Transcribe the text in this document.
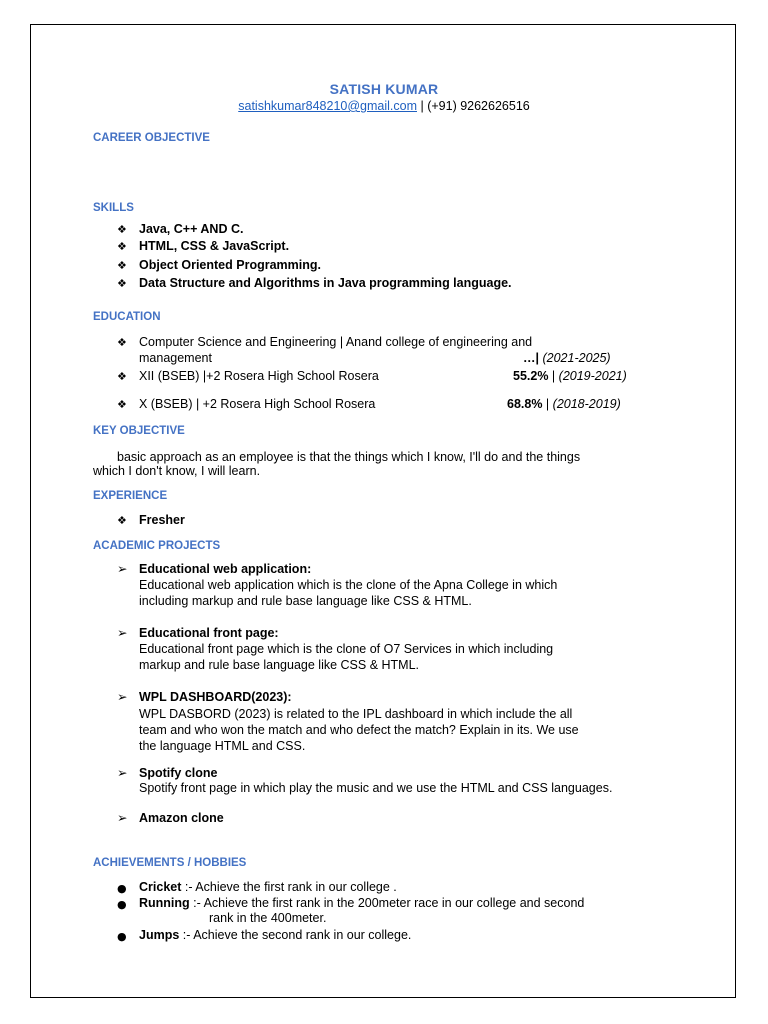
SATISH KUMAR
satishkumar848210@gmail.com | (+91) 9262626516
CAREER OBJECTIVE
SKILLS
❖ Java, C++ AND C.
❖ HTML, CSS & JavaScript.
❖ Object Oriented Programming.
❖ Data Structure and Algorithms in Java programming language.
EDUCATION
❖ Computer Science and Engineering | Anand college of engineering and
management	…| (2021-2025)
❖ XII (BSEB) |+2 Rosera High School Rosera	55.2% | (2019-2021)
❖ X (BSEB) | +2 Rosera High School Rosera	68.8% | (2018-2019)
KEY OBJECTIVE
basic approach as an employee is that the things which I know, I'll do and the things
which I don't know, I will learn.
EXPERIENCE
❖ Fresher
ACADEMIC PROJECTS
➢ Educational web application:
Educational web application which is the clone of the Apna College in which
including markup and rule base language like CSS & HTML.
➢ Educational front page:
Educational front page which is the clone of O7 Services in which including
markup and rule base language like CSS & HTML.
➢ WPL DASHBOARD(2023):
WPL DASBORD (2023) is related to the IPL dashboard in which include the all
team and who won the match and who defect the match? Explain in its. We use
the language HTML and CSS.
➢ Spotify clone
Spotify front page in which play the music and we use the HTML and CSS languages.
➢ Amazon clone
ACHIEVEMENTS / HOBBIES
● Cricket :- Achieve the first rank in our college .
● Running :- Achieve the first rank in the 200meter race in our college and second
rank in the 400meter.
● Jumps :- Achieve the second rank in our college.
